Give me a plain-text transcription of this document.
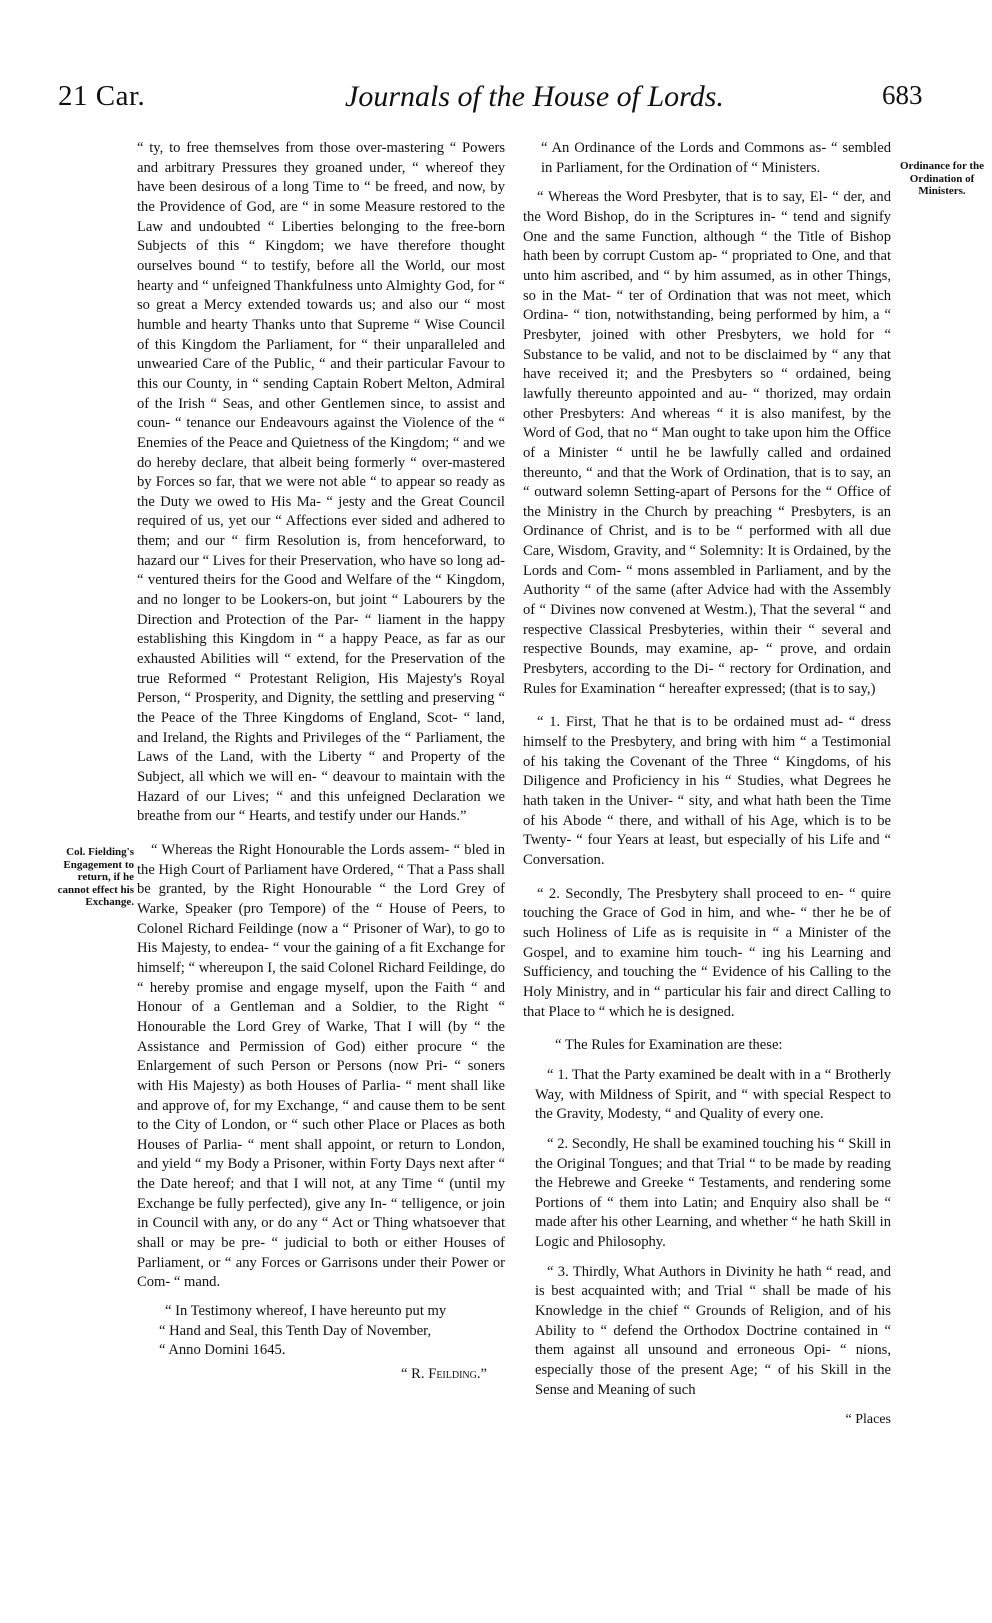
21 Car.	Journals of the House of Lords.	683
Col. Fielding's Engagement to return, if he cannot effect his Exchange.
Ordinance for the Ordination of Ministers.

“ ty, to free themselves from those over-mastering “ Powers and arbitrary Pressures they groaned under, “ whereof they have been desirous of a long Time to “ be freed, and now, by the Providence of God, are “ in some Measure restored to the Law and undoubted “ Liberties belonging to the free-born Subjects of this “ Kingdom; we have therefore thought ourselves bound “ to testify, before all the World, our most hearty and “ unfeigned Thankfulness unto Almighty God, for “ so great a Mercy extended towards us; and also our “ most humble and hearty Thanks unto that Supreme “ Wise Council of this Kingdom the Parliament, for “ their unparalleled and unwearied Care of the Public, “ and their particular Favour to this our County, in “ sending Captain Robert Melton, Admiral of the Irish “ Seas, and other Gentlemen since, to assist and coun- “ tenance our Endeavours against the Violence of the “ Enemies of the Peace and Quietness of the Kingdom; “ and we do hereby declare, that albeit being formerly “ over-mastered by Forces so far, that we were not able “ to appear so ready as the Duty we owed to His Ma- “ jesty and the Great Council required of us, yet our “ Affections ever sided and adhered to them; and our “ firm Resolution is, from henceforward, to hazard our “ Lives for their Preservation, who have so long ad- “ ventured theirs for the Good and Welfare of the “ Kingdom, and no longer to be Lookers-on, but joint “ Labourers by the Direction and Protection of the Par- “ liament in the happy establishing this Kingdom in “ a happy Peace, as far as our exhausted Abilities will “ extend, for the Preservation of the true Reformed “ Protestant Religion, His Majesty's Royal Person, “ Prosperity, and Dignity, the settling and preserving “ the Peace of the Three Kingdoms of England, Scot- “ land, and Ireland, the Rights and Privileges of the “ Parliament, the Laws of the Land, with the Liberty “ and Property of the Subject, all which we will en- “ deavour to maintain with the Hazard of our Lives; “ and this unfeigned Declaration we breathe from our “ Hearts, and testify under our Hands.”

“ Whereas the Right Honourable the Lords assem- “ bled in the High Court of Parliament have Ordered, “ That a Pass shall be granted, by the Right Honourable “ the Lord Grey of Warke, Speaker (pro Tempore) of the “ House of Peers, to Colonel Richard Feildinge (now a “ Prisoner of War), to go to His Majesty, to endea- “ vour the gaining of a fit Exchange for himself; “ whereupon I, the said Colonel Richard Feildinge, do “ hereby promise and engage myself, upon the Faith “ and Honour of a Gentleman and a Soldier, to the Right “ Honourable the Lord Grey of Warke, That I will (by “ the Assistance and Permission of God) either procure “ the Enlargement of such Person or Persons (now Pri- “ soners with His Majesty) as both Houses of Parlia- “ ment shall like and approve of, for my Exchange, “ and cause them to be sent to the City of London, or “ such other Place or Places as both Houses of Parlia- “ ment shall appoint, or return to London, and yield “ my Body a Prisoner, within Forty Days next after “ the Date hereof; and that I will not, at any Time “ (until my Exchange be fully perfected), give any In- “ telligence, or join in Council with any, or do any “ Act or Thing whatsoever that shall or may be pre- “ judicial to both or either Houses of Parliament, or “ any Forces or Garrisons under their Power or Com- “ mand.

“ In Testimony whereof, I have hereunto put my

“ Hand and Seal, this Tenth Day of November,

“ Anno Domini 1645.

“ R. Feilding.”

“ An Ordinance of the Lords and Commons as- “ sembled in Parliament, for the Ordination of “ Ministers.

“ Whereas the Word Presbyter, that is to say, El- “ der, and the Word Bishop, do in the Scriptures in- “ tend and signify One and the same Function, although “ the Title of Bishop hath been by corrupt Custom ap- “ propriated to One, and that unto him ascribed, and “ by him assumed, as in other Things, so in the Mat- “ ter of Ordination that was not meet, which Ordina- “ tion, notwithstanding, being performed by him, a “ Presbyter, joined with other Presbyters, we hold for “ Substance to be valid, and not to be disclaimed by “ any that have received it; and the Presbyters so “ ordained, being lawfully thereunto appointed and au- “ thorized, may ordain other Presbyters: And whereas “ it is also manifest, by the Word of God, that no “ Man ought to take upon him the Office of a Minister “ until he be lawfully called and ordained thereunto, “ and that the Work of Ordination, that is to say, an “ outward solemn Setting-apart of Persons for the “ Office of the Ministry in the Church by preaching “ Presbyters, is an Ordinance of Christ, and is to be “ performed with all due Care, Wisdom, Gravity, and “ Solemnity: It is Ordained, by the Lords and Com- “ mons assembled in Parliament, and by the Authority “ of the same (after Advice had with the Assembly of “ Divines now convened at Westm.), That the several “ and respective Classical Presbyteries, within their “ several and respective Bounds, may examine, ap- “ prove, and ordain Presbyters, according to the Di- “ rectory for Ordination, and Rules for Examination “ hereafter expressed; (that is to say,)

“ 1. First, That he that is to be ordained must ad- “ dress himself to the Presbytery, and bring with him “ a Testimonial of his taking the Covenant of the Three “ Kingdoms, of his Diligence and Proficiency in his “ Studies, what Degrees he hath taken in the Univer- “ sity, and what hath been the Time of his Abode “ there, and withall of his Age, which is to be Twenty- “ four Years at least, but especially of his Life and “ Conversation.

“ 2. Secondly, The Presbytery shall proceed to en- “ quire touching the Grace of God in him, and whe- “ ther he be of such Holiness of Life as is requisite in “ a Minister of the Gospel, and to examine him touch- “ ing his Learning and Sufficiency, and touching the “ Evidence of his Calling to the Holy Ministry, and in “ particular his fair and direct Calling to that Place to “ which he is designed.

“ The Rules for Examination are these:

“ 1. That the Party examined be dealt with in a “ Brotherly Way, with Mildness of Spirit, and “ with special Respect to the Gravity, Modesty, “ and Quality of every one.

“ 2. Secondly, He shall be examined touching his “ Skill in the Original Tongues; and that Trial “ to be made by reading the Hebrewe and Greeke “ Testaments, and rendering some Portions of “ them into Latin; and Enquiry also shall be “ made after his other Learning, and whether “ he hath Skill in Logic and Philosophy.

“ 3. Thirdly, What Authors in Divinity he hath “ read, and is best acquainted with; and Trial “ shall be made of his Knowledge in the chief “ Grounds of Religion, and of his Ability to “ defend the Orthodox Doctrine contained in “ them against all unsound and erroneous Opi- “ nions, especially those of the present Age; “ of his Skill in the Sense and Meaning of such

“ Places
